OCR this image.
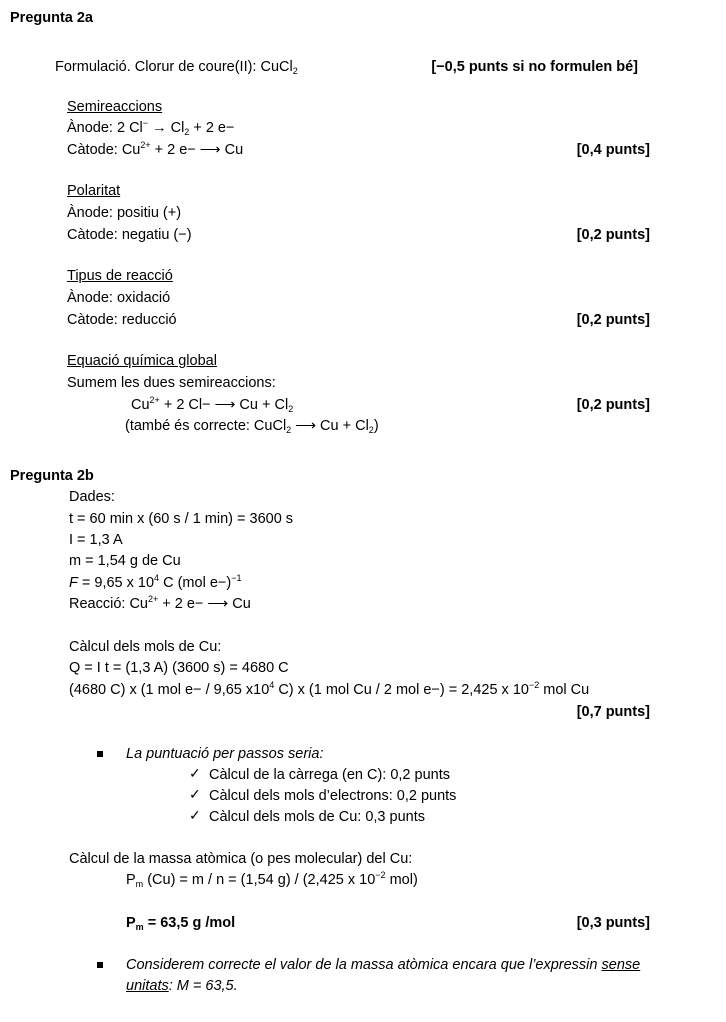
Pregunta 2a
Formulació. Clorur de coure(II): CuCl$_2$	[−0,5 punts si no formulen bé]
Semireaccions
Ànode: 2 $Cl^- \to Cl_2 + 2$ e−
Càtode: $Cu^{2+} + 2$ e− ⟶ Cu	[0,4 punts]
Polaritat
Ànode: positiu (+)
Càtode: negatiu (−)	[0,2 punts]
Tipus de reacció
Ànode: oxidació
Càtode: reducció	[0,2 punts]
Equació química global
Sumem les dues semireaccions:
$Cu^{2+} + 2$ Cl− ⟶ $Cu + Cl_2$	[0,2 punts]
(també és correcte: CuCl$_2$ ⟶ $Cu + Cl_2$)
Pregunta 2b
Dades:
t = 60 min x (60 s / 1 min) = 3600 s
I = 1,3 A
m = 1,54 g de Cu
F = 9,65 x $10^4$ C (mol e−)$^{-1}$
Reacció: $Cu^{2+} + 2$ e− ⟶ Cu
Càlcul dels mols de Cu:
Q = I t = (1,3 A) (3600 s) = 4680 C
(4680 C) x (1 mol e− / 9,65 $x10^4$ C) x (1 mol Cu / 2 mol e−) = 2,425 x $10^{-2}$ mol Cu
[0,7 punts]
La puntuació per passos seria:
✓ Càlcul de la càrrega (en C): 0,2 punts
✓ Càlcul dels mols d’electrons: 0,2 punts
✓ Càlcul dels mols de Cu: 0,3 punts
Càlcul de la massa atòmica (o pes molecular) del Cu:
$P_m$ (Cu) = m / n = (1,54 g) / (2,425 x $10^{-2}$ mol)
$P_m = 63,5$ g /mol	[0,3 punts]
Considerem correcte el valor de la massa atòmica encara que l’expressin sense
unitats: M = 63,5.
